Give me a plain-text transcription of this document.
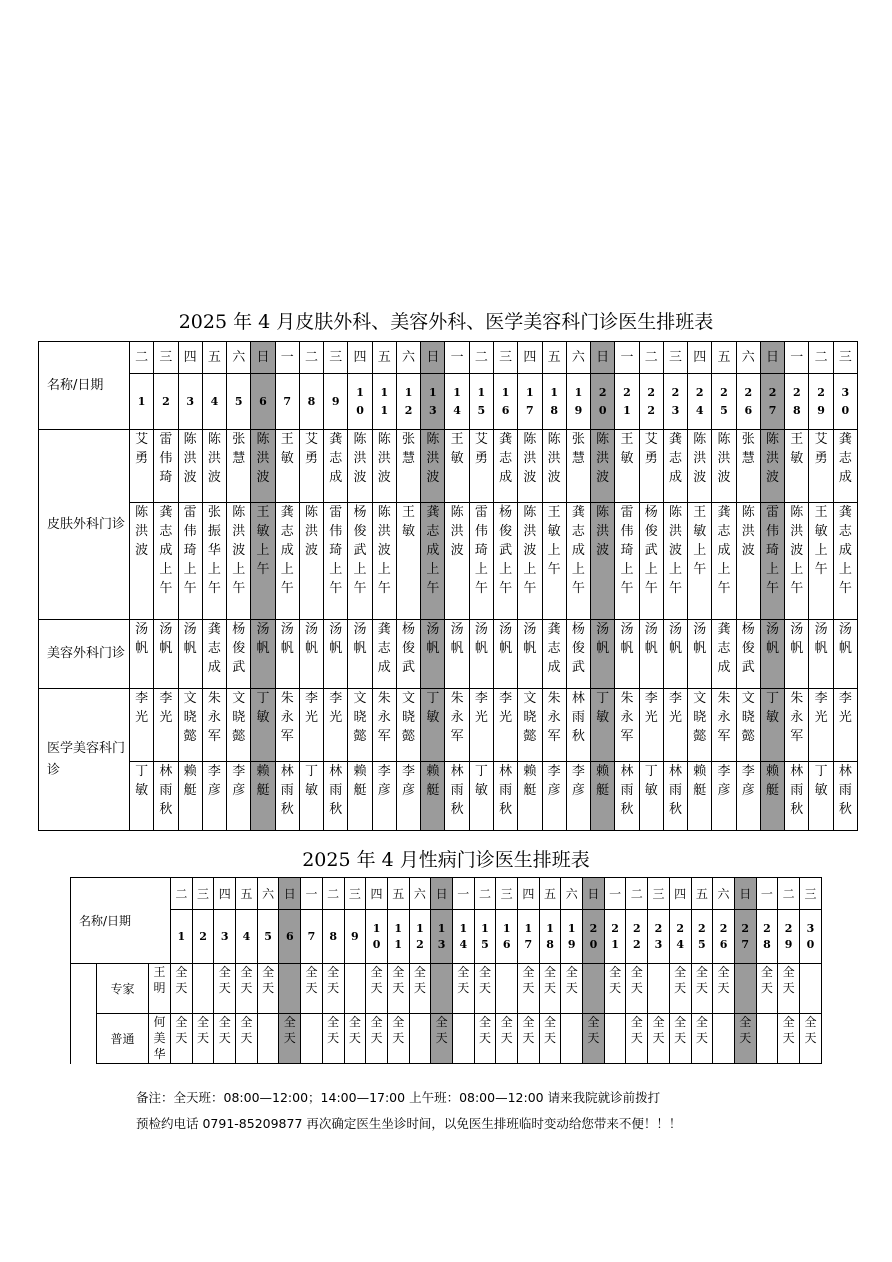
2025 年 4 月皮肤外科、美容外科、医学美容科门诊医生排班表
名称/日期	二	三	四	五	六	日	一	二	三	四	五	六	日	一	二	三	四	五	六	日	一	二	三	四	五	六	日	一	二	三

	1	2	3	4	5	6	7	8	9	10	11	12	13	14	15	16	17	18	19	20	21	22	23	24	25	26	27	28	29	30

皮肤外科门诊	艾勇	雷伟琦	陈洪波	陈洪波	张慧	陈洪波	王敏	艾勇	龚志成	陈洪波	陈洪波	张慧	陈洪波	王敏	艾勇	龚志成	陈洪波	陈洪波	张慧	陈洪波	王敏	艾勇	龚志成	陈洪波	陈洪波	张慧	陈洪波	王敏	艾勇	龚志成

	陈洪波	龚志成上午	雷伟琦上午	张振华上午	陈洪波上午	王敏上午	龚志成上午	陈洪波	雷伟琦上午	杨俊武上午	陈洪波上午	王敏	龚志成上午	陈洪波	雷伟琦上午	杨俊武上午	陈洪波上午	王敏上午	龚志成上午	陈洪波	雷伟琦上午	杨俊武上午	陈洪波上午	王敏上午	龚志成上午	陈洪波	雷伟琦上午	陈洪波上午	王敏上午	龚志成上午

美容外科门诊	汤帆	汤帆	汤帆	龚志成	杨俊武	汤帆	汤帆	汤帆	汤帆	汤帆	龚志成	杨俊武	汤帆	汤帆	汤帆	汤帆	汤帆	龚志成	杨俊武	汤帆	汤帆	汤帆	汤帆	汤帆	龚志成	杨俊武	汤帆	汤帆	汤帆	汤帆

医学美容科门诊	李光	李光	文晓懿	朱永军	文晓懿	丁敏	朱永军	李光	李光	文晓懿	朱永军	文晓懿	丁敏	朱永军	李光	李光	文晓懿	朱永军	林雨秋	丁敏	朱永军	李光	李光	文晓懿	朱永军	文晓懿	丁敏	朱永军	李光	李光

	丁敏	林雨秋	赖艇	李彦	李彦	赖艇	林雨秋	丁敏	林雨秋	赖艇	李彦	李彦	赖艇	林雨秋	丁敏	林雨秋	赖艇	李彦	李彦	赖艇	林雨秋	丁敏	林雨秋	赖艇	李彦	李彦	赖艇	林雨秋	丁敏	林雨秋
2025 年 4 月性病门诊医生排班表
名称/日期			二	三	四	五	六	日	一	二	三	四	五	六	日	一	二	三	四	五	六	日	一	二	三	四	五	六	日	一	二	三

			1	2	3	4	5	6	7	8	9	10	11	12	13	14	15	16	17	18	19	20	21	22	23	24	25	26	27	28	29	30

	专家	王明	全天		全天	全天	全天		全天	全天		全天	全天	全天		全天	全天		全天	全天	全天		全天	全天		全天	全天	全天		全天	全天	

	普通	何美华	全天	全天	全天	全天		全天		全天	全天	全天	全天		全天		全天	全天	全天	全天		全天		全天	全天	全天	全天		全天		全天	全天
备注：全天班：08:00—12:00；14:00—17:00 上午班：08:00—12:00 请来我院就诊前拨打
预检约电话 0791-85209877 再次确定医生坐诊时间，以免医生排班临时变动给您带来不便！！！
